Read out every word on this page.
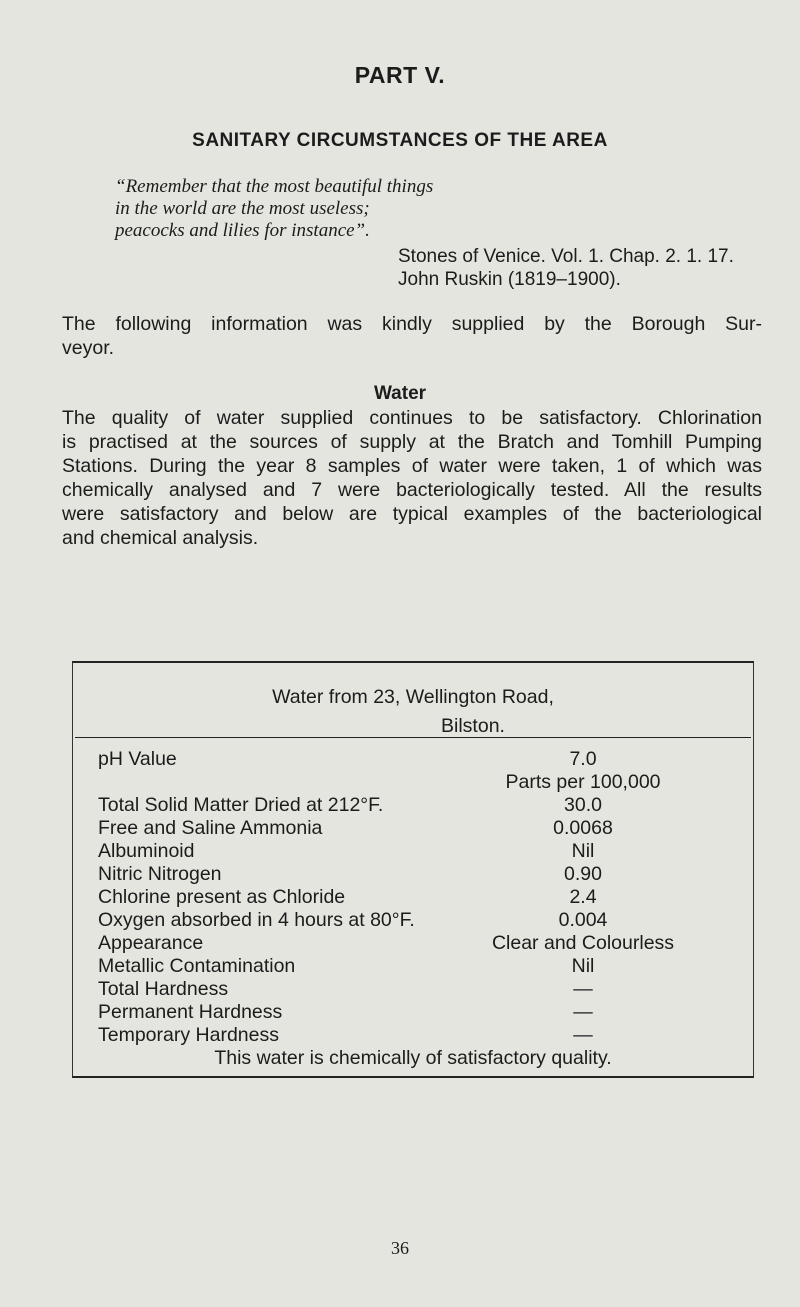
PART V.
SANITARY CIRCUMSTANCES OF THE AREA
“Remember that the most beautiful things
in the world are the most useless;
peacocks and lilies for instance”.
Stones of Venice. Vol. 1. Chap. 2. 1. 17.
John Ruskin (1819–1900).
The following information was kindly supplied by the Borough Sur-
veyor.
Water
The quality of water supplied continues to be satisfactory. Chlorination
is practised at the sources of supply at the Bratch and Tomhill Pumping
Stations. During the year 8 samples of water were taken, 1 of which was
chemically analysed and 7 were bacteriologically tested. All the results
were satisfactory and below are typical examples of the bacteriological
and chemical analysis.
Water from 23, Wellington Road,
Bilston.
pH Value	7.0
Parts per 100,000
Total Solid Matter Dried at 212°F.	30.0
Free and Saline Ammonia	0.0068
Albuminoid	Nil
Nitric Nitrogen	0.90
Chlorine present as Chloride	2.4
Oxygen absorbed in 4 hours at 80°F.	0.004
Appearance	Clear and Colourless
Metallic Contamination	Nil
Total Hardness	—
Permanent Hardness	—
Temporary Hardness	—
This water is chemically of satisfactory quality.
36
